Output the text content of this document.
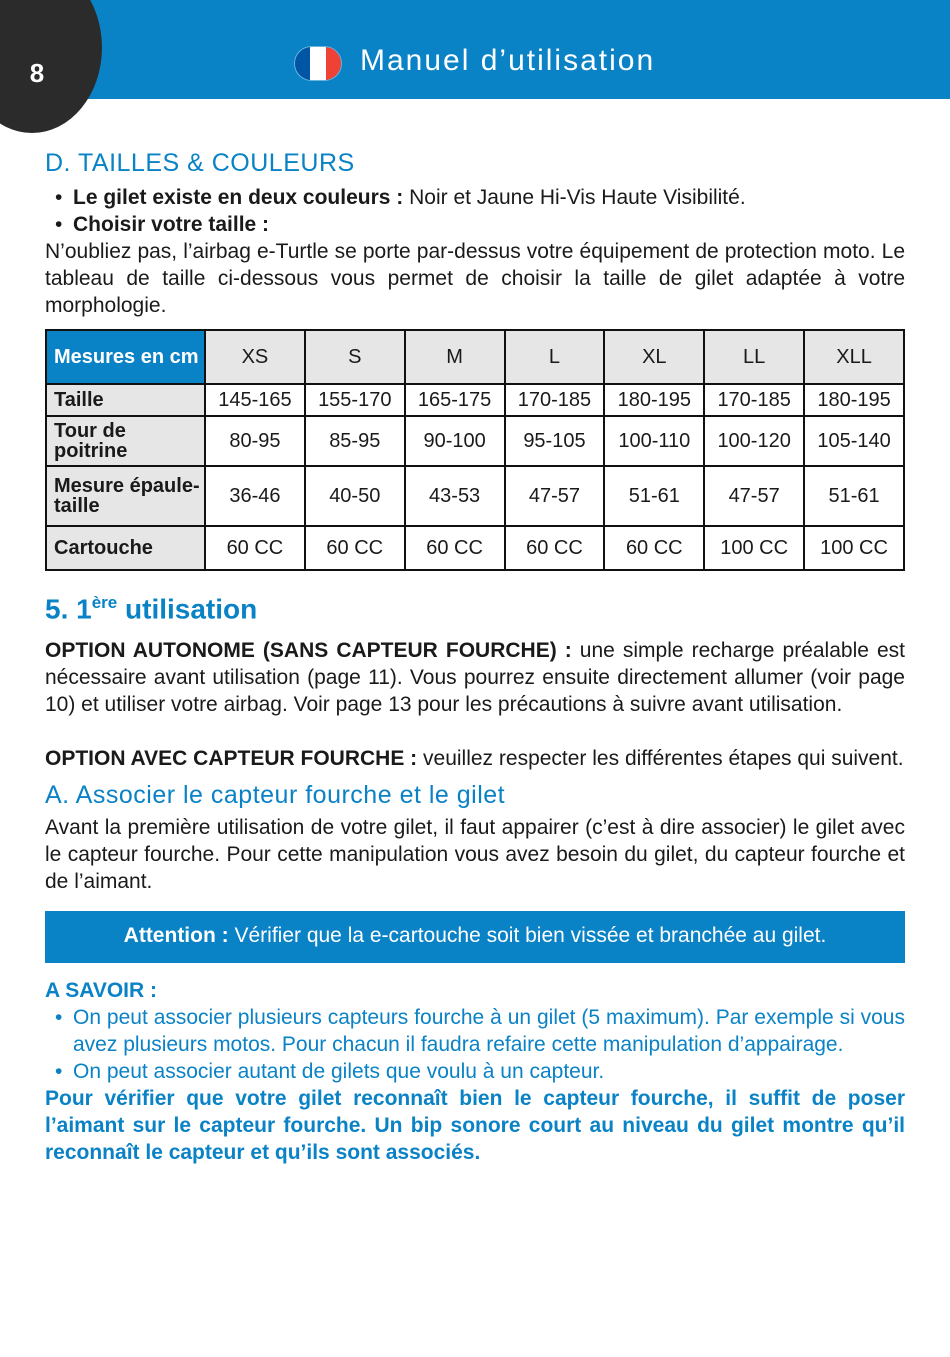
8	Manuel d’utilisation
D. TAILLES & COULEURS
• Le gilet existe en deux couleurs : Noir et Jaune Hi-Vis Haute Visibilité.
• Choisir votre taille :

N’oubliez pas, l’airbag e-Turtle se porte par-dessus votre équipement de protection moto. Le tableau de taille ci-dessous vous permet de choisir la taille de gilet adaptée à votre morphologie.

Mesures en cm	XS	S	M	L	XL	LL	XLL
Taille	145-165	155-170	165-175	170-185	180-195	170-185	180-195
Tour de poitrine	80-95	85-95	90-100	95-105	100-110	100-120	105-140
Mesure épaule-taille	36-46	40-50	43-53	47-57	51-61	47-57	51-61
Cartouche	60 CC	60 CC	60 CC	60 CC	60 CC	100 CC	100 CC
5. 1ère utilisation

OPTION AUTONOME (SANS CAPTEUR FOURCHE) : une simple recharge préalable est nécessaire avant utilisation (page 11). Vous pourrez ensuite directement allumer (voir page 10) et utiliser votre airbag. Voir page 13 pour les précautions à suivre avant utilisation.

OPTION AVEC CAPTEUR FOURCHE : veuillez respecter les différentes étapes qui suivent.

A. Associer le capteur fourche et le gilet

Avant la première utilisation de votre gilet, il faut appairer (c’est à dire associer) le gilet avec le capteur fourche. Pour cette manipulation vous avez besoin du gilet, du capteur fourche et de l’aimant.

Attention : Vérifier que la e-cartouche soit bien vissée et branchée au gilet.
A SAVOIR :
• On peut associer plusieurs capteurs fourche à un gilet (5 maximum). Par exemple si vous avez plusieurs motos. Pour chacun il faudra refaire cette manipulation d’appairage.
• On peut associer autant de gilets que voulu à un capteur.

Pour vérifier que votre gilet reconnaît bien le capteur fourche, il suffit de poser l’aimant sur le capteur fourche. Un bip sonore court au niveau du gilet montre qu’il reconnaît le capteur et qu’ils sont associés.
